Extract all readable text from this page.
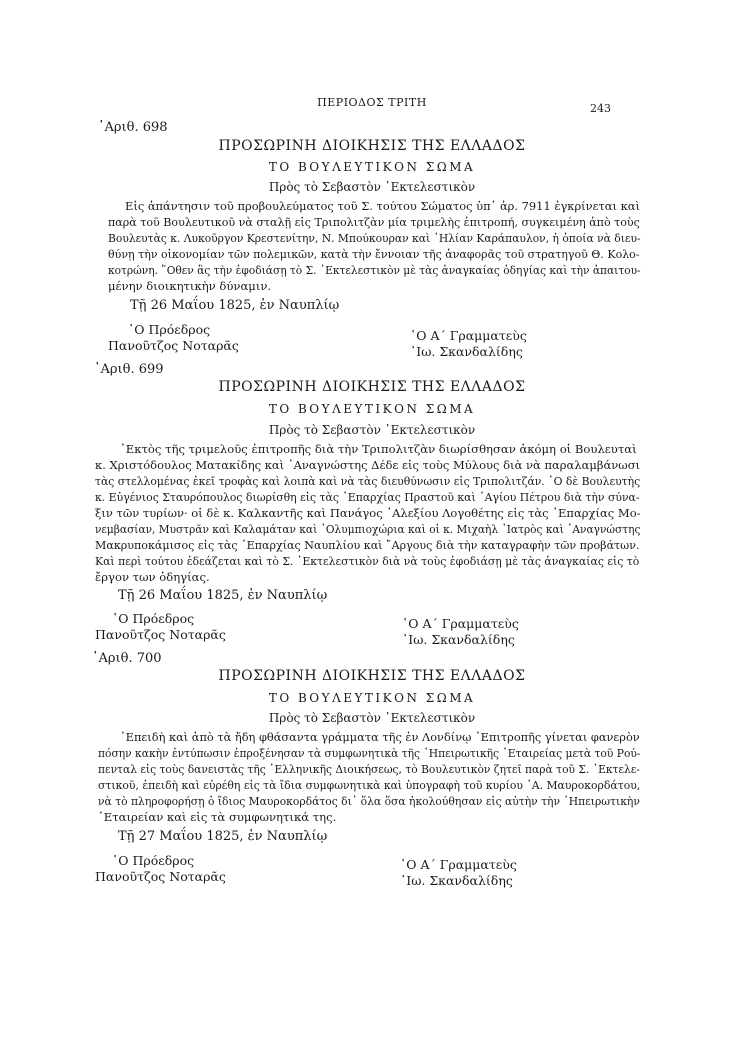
ΠΕΡΙΟΔΟΣ ΤΡΙΤΗ	243
᾿Αριθ. 698
ΠΡΟΣΩΡΙΝΗ ΔΙΟΙΚΗΣΙΣ ΤΗΣ ΕΛΛΑΔΟΣ
ΤΟ ΒΟΥΛΕΥΤΙΚΟΝ ΣΩΜΑ
Πρὸς τὸ Σεβαστὸν ᾿Εκτελεστικὸν
Εἰς ἀπάντησιν τοῦ προβουλεύματος τοῦ Σ. τούτου Σώματος ὑπ᾿ ἀρ. 7911 ἐγκρίνεται καὶ
παρὰ τοῦ Βουλευτικοῦ νὰ σταλῇ εἰς Τριπολιτζὰν μία τριμελὴς ἐπιτροπή, συγκειμένη ἀπὸ τοὺς
Βουλευτὰς κ. Λυκοῦργον Κρεστενίτην, Ν. Μπούκουραν καὶ ᾿Ηλίαν Καράπαυλον, ἡ ὁποία νὰ διευ-
θύνῃ τὴν οἰκονομίαν τῶν πολεμικῶν, κατὰ τὴν ἔννοιαν τῆς ἀναφορᾶς τοῦ στρατηγοῦ Θ. Κολο-
κοτρώνη. ῞Οθεν ἃς τὴν ἐφοδιάσῃ τὸ Σ. ᾿Εκτελεστικὸν μὲ τὰς ἀναγκαίας ὁδηγίας καὶ τὴν ἀπαιτου-
μένην διοικητικὴν δύναμιν.
Τῇ 26 Μαΐου 1825, ἐν Ναυπλίῳ
῾Ο Πρόεδρος
Πανοῦτζος Νοταρᾶς
῾Ο Α΄ Γραμματεὺς
᾿Ιω. Σκανδαλίδης
᾿Αριθ. 699
ΠΡΟΣΩΡΙΝΗ ΔΙΟΙΚΗΣΙΣ ΤΗΣ ΕΛΛΑΔΟΣ
ΤΟ ΒΟΥΛΕΥΤΙΚΟΝ ΣΩΜΑ
Πρὸς τὸ Σεβαστὸν ᾿Εκτελεστικὸν
᾿Εκτὸς τῆς τριμελοῦς ἐπιτροπῆς διὰ τὴν Τριπολιτζὰν διωρίσθησαν ἀκόμη οἱ Βουλευταὶ
κ. Χριστόδουλος Ματακίδης καὶ ᾿Αναγνώστης Δέδε εἰς τοὺς Μύλους διὰ νὰ παραλαμβάνωσι
τὰς στελλομένας ἐκεῖ τροφὰς καὶ λοιπὰ καὶ νὰ τὰς διευθύνωσιν εἰς Τριπολιτζάν. ῾Ο δὲ Βουλευτὴς
κ. Εὐγένιος Σταυρόπουλος διωρίσθη εἰς τὰς ᾿Επαρχίας Πραστοῦ καὶ ῾Αγίου Πέτρου διὰ τὴν σύνα-
ξιν τῶν τυρίων· οἱ δὲ κ. Καλκαντῆς καὶ Πανάγος ᾿Αλεξίου Λογοθέτης εἰς τὰς ᾿Επαρχίας Μο-
νεμβασίαν, Μυστρᾶν καὶ Καλαμάταν καὶ ᾿Ολυμπιοχώρια καὶ οἱ κ. Μιχαὴλ ᾿Ιατρὸς καὶ ᾿Αναγνώστης
Μακρυποκάμισος εἰς τὰς ᾿Επαρχίας Ναυπλίου καὶ ῎Αργους διὰ τὴν καταγραφὴν τῶν προβάτων.
Καὶ περὶ τούτου ἐδεάζεται καὶ τὸ Σ. ᾿Εκτελεστικὸν διὰ νὰ τοὺς ἐφοδιάσῃ μὲ τὰς ἀναγκαίας εἰς τὸ
ἔργον των ὁδηγίας.
Τῇ 26 Μαΐου 1825, ἐν Ναυπλίῳ
῾Ο Πρόεδρος
Πανοῦτζος Νοταρᾶς
῾Ο Α΄ Γραμματεὺς
᾿Ιω. Σκανδαλίδης
᾿Αριθ. 700
ΠΡΟΣΩΡΙΝΗ ΔΙΟΙΚΗΣΙΣ ΤΗΣ ΕΛΛΑΔΟΣ
ΤΟ ΒΟΥΛΕΥΤΙΚΟΝ ΣΩΜΑ
Πρὸς τὸ Σεβαστὸν ᾿Εκτελεστικὸν
᾿Επειδὴ καὶ ἀπὸ τὰ ἤδη φθάσαντα γράμματα τῆς ἐν Λονδίνῳ ᾿Επιτροπῆς γίνεται φανερὸν
πόσην κακὴν ἐντύπωσιν ἐπροξένησαν τὰ συμφωνητικὰ τῆς ᾿Ηπειρωτικῆς ῾Εταιρείας μετὰ τοῦ Ρού-
πενταλ εἰς τοὺς δανειστὰς τῆς ῾Ελληνικῆς Διοικήσεως, τὸ Βουλευτικὸν ζητεῖ παρὰ τοῦ Σ. ᾿Εκτελε-
στικοῦ, ἐπειδὴ καὶ εὑρέθη εἰς τὰ ἴδια συμφωνητικὰ καὶ ὑπογραφὴ τοῦ κυρίου ᾿Α. Μαυροκορδάτου,
νὰ τὸ πληροφορήσῃ ὁ ἴδιος Μαυροκορδάτος δι᾿ ὅλα ὅσα ἠκολούθησαν εἰς αὐτὴν τὴν ᾿Ηπειρωτικὴν
῾Εταιρείαν καὶ εἰς τὰ συμφωνητικά της.
Τῇ 27 Μαΐου 1825, ἐν Ναυπλίῳ
῾Ο Πρόεδρος
Πανοῦτζος Νοταρᾶς
῾Ο Α΄ Γραμματεὺς
᾿Ιω. Σκανδαλίδης
